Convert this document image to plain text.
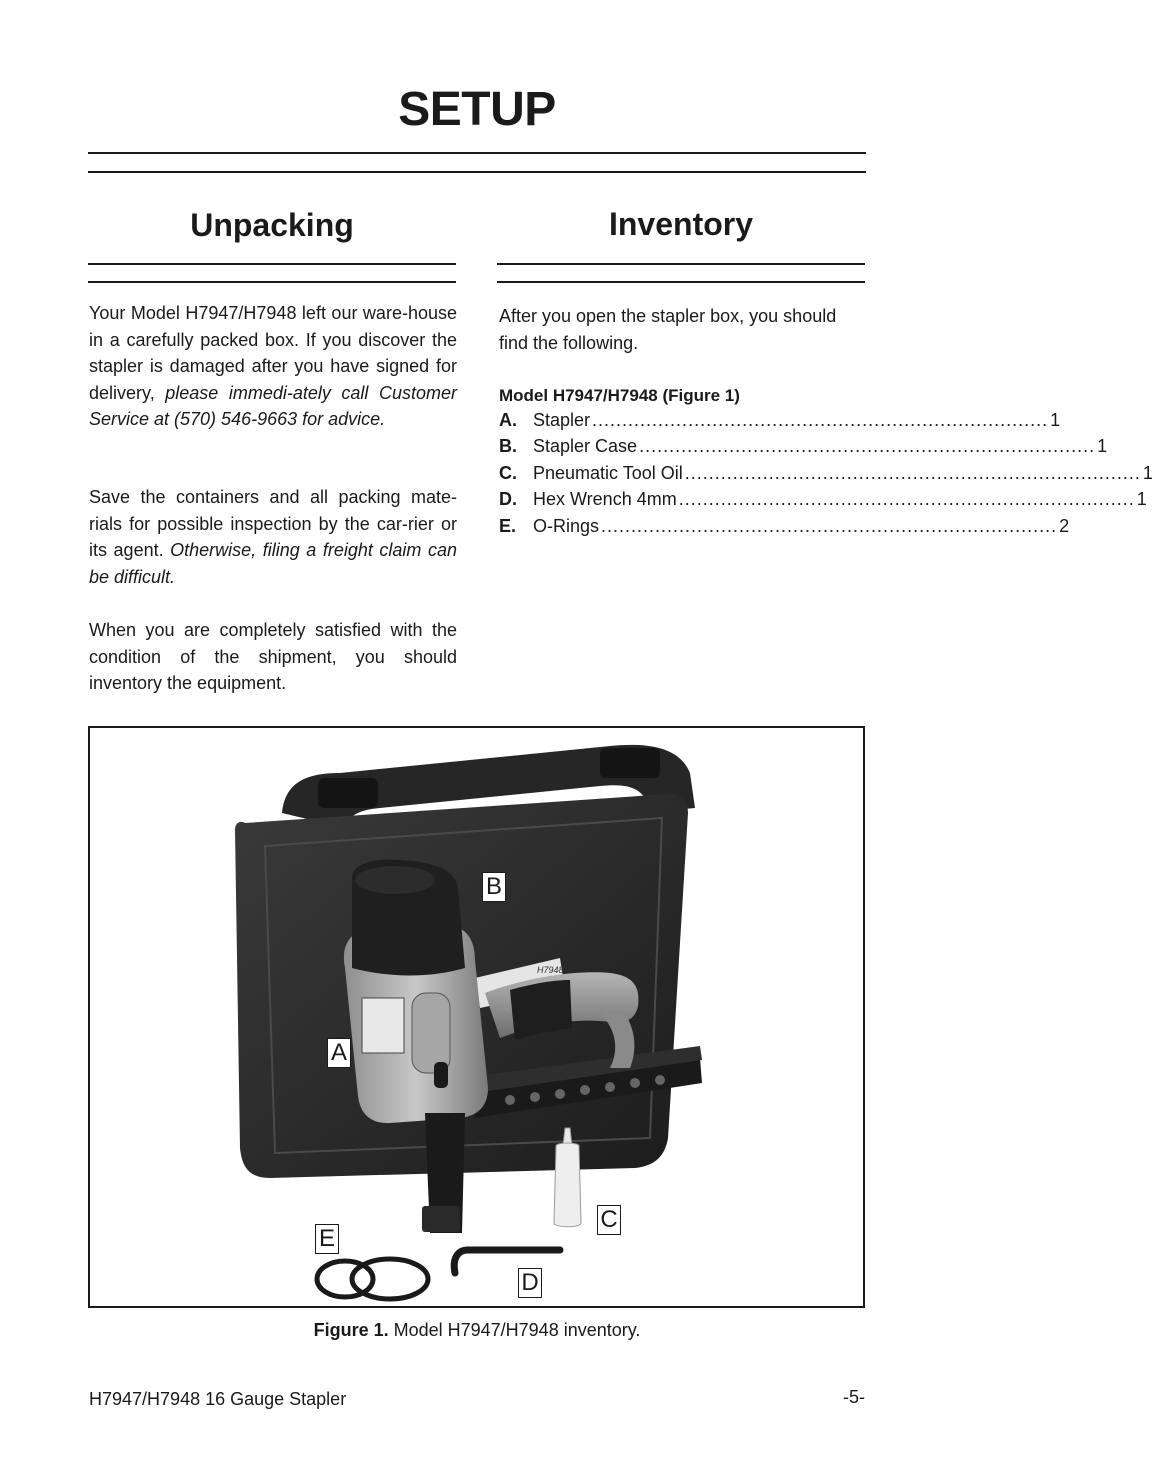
SETUP
Unpacking

Your Model H7947/H7948 left our ware-house in a carefully packed box. If you discover the stapler is damaged after you have signed for delivery, please immedi-ately call Customer Service at (570) 546-9663 for advice.

Save the containers and all packing mate-rials for possible inspection by the car-rier or its agent. Otherwise, filing a freight claim can be difficult.

When you are completely satisfied with the condition of the shipment, you should inventory the equipment.

Inventory

After you open the stapler box, you should find the following.

Model H7947/H7948 (Figure 1)
A. Stapler ............................................................................ 1
B. Stapler Case ............................................................................ 1
C. Pneumatic Tool Oil ............................................................................ 1
D. Hex Wrench 4mm ............................................................................ 1
E. O-Rings ............................................................................ 2
H7948
B
A
C
E
D
Figure 1. Model H7947/H7948 inventory.
H7947/H7948 16 Gauge Stapler	-5-
